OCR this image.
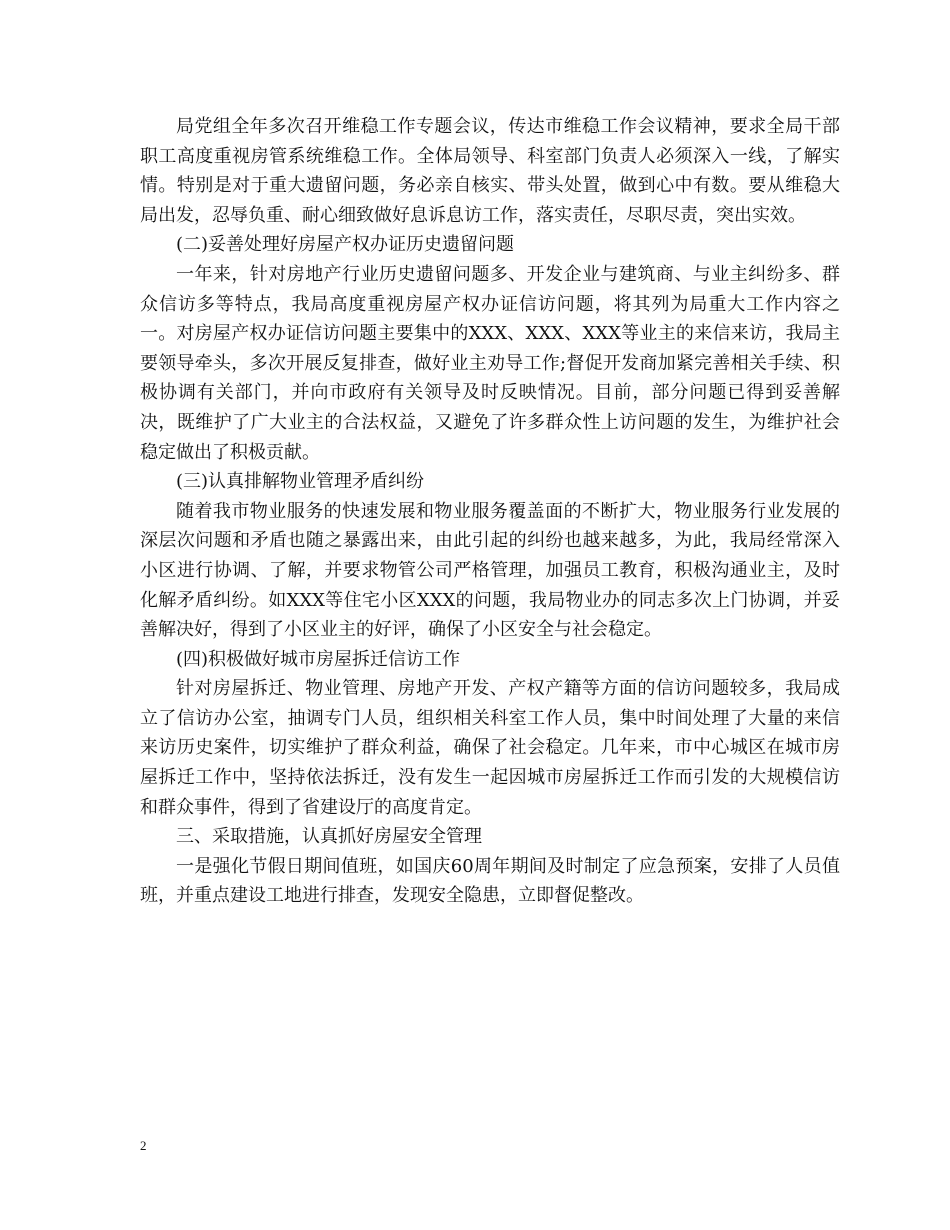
局党组全年多次召开维稳工作专题会议，传达市维稳工作会议精神，要求全局干部职工高度重视房管系统维稳工作。全体局领导、科室部门负责人必须深入一线，了解实情。特别是对于重大遗留问题，务必亲自核实、带头处置，做到心中有数。要从维稳大局出发，忍辱负重、耐心细致做好息诉息访工作，落实责任，尽职尽责，突出实效。

(二)妥善处理好房屋产权办证历史遗留问题

一年来，针对房地产行业历史遗留问题多、开发企业与建筑商、与业主纠纷多、群众信访多等特点，我局高度重视房屋产权办证信访问题，将其列为局重大工作内容之一。对房屋产权办证信访问题主要集中的XXX、XXX、XXX等业主的来信来访，我局主要领导牵头，多次开展反复排查，做好业主劝导工作;督促开发商加紧完善相关手续、积极协调有关部门，并向市政府有关领导及时反映情况。目前，部分问题已得到妥善解决，既维护了广大业主的合法权益，又避免了许多群众性上访问题的发生，为维护社会稳定做出了积极贡献。

(三)认真排解物业管理矛盾纠纷

随着我市物业服务的快速发展和物业服务覆盖面的不断扩大，物业服务行业发展的深层次问题和矛盾也随之暴露出来，由此引起的纠纷也越来越多，为此，我局经常深入小区进行协调、了解，并要求物管公司严格管理，加强员工教育，积极沟通业主，及时化解矛盾纠纷。如XXX等住宅小区XXX的问题，我局物业办的同志多次上门协调，并妥善解决好，得到了小区业主的好评，确保了小区安全与社会稳定。

(四)积极做好城市房屋拆迁信访工作

针对房屋拆迁、物业管理、房地产开发、产权产籍等方面的信访问题较多，我局成立了信访办公室，抽调专门人员，组织相关科室工作人员，集中时间处理了大量的来信来访历史案件，切实维护了群众利益，确保了社会稳定。几年来，市中心城区在城市房屋拆迁工作中，坚持依法拆迁，没有发生一起因城市房屋拆迁工作而引发的大规模信访和群众事件，得到了省建设厅的高度肯定。

三、采取措施，认真抓好房屋安全管理

一是强化节假日期间值班，如国庆60周年期间及时制定了应急预案，安排了人员值班，并重点建设工地进行排查，发现安全隐患，立即督促整改。

2
